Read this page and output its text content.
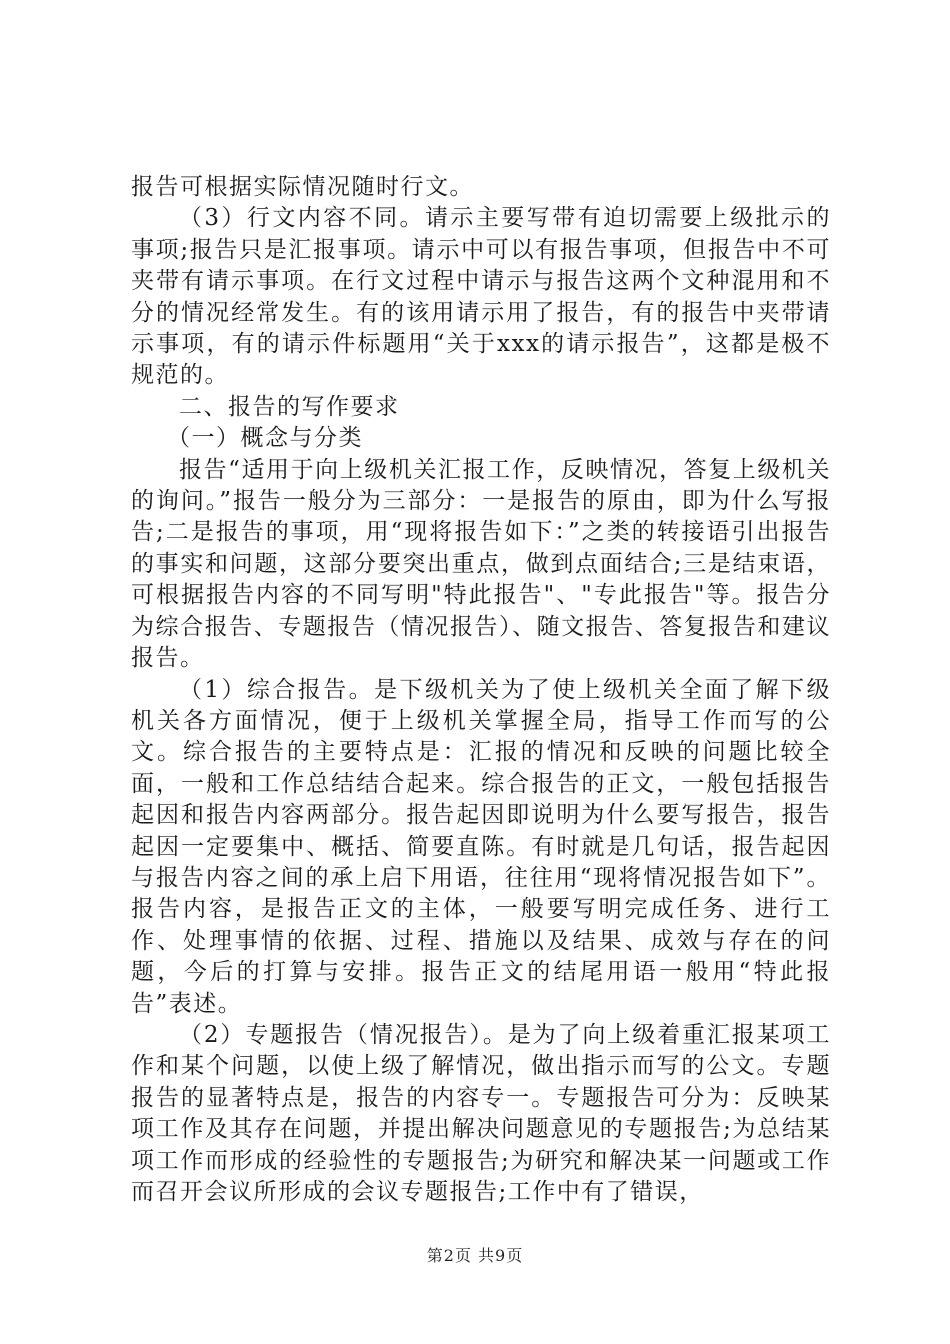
报告可根据实际情况随时行文。

（3）行文内容不同。请示主要写带有迫切需要上级批示的事项;报告只是汇报事项。请示中可以有报告事项，但报告中不可夹带有请示事项。在行文过程中请示与报告这两个文种混用和不分的情况经常发生。有的该用请示用了报告，有的报告中夹带请示事项，有的请示件标题用“关于xxx的请示报告”，这都是极不规范的。

二、报告的写作要求

（一）概念与分类

报告“适用于向上级机关汇报工作，反映情况，答复上级机关的询问。”报告一般分为三部分：一是报告的原由，即为什么写报告;二是报告的事项，用“现将报告如下：”之类的转接语引出报告的事实和问题，这部分要突出重点，做到点面结合;三是结束语，可根据报告内容的不同写明"特此报告"、"专此报告"等。报告分为综合报告、专题报告（情况报告）、随文报告、答复报告和建议报告。

（1）综合报告。是下级机关为了使上级机关全面了解下级机关各方面情况，便于上级机关掌握全局，指导工作而写的公文。综合报告的主要特点是：汇报的情况和反映的问题比较全面，一般和工作总结结合起来。综合报告的正文，一般包括报告起因和报告内容两部分。报告起因即说明为什么要写报告，报告起因一定要集中、概括、简要直陈。有时就是几句话，报告起因与报告内容之间的承上启下用语，往往用“现将情况报告如下”。报告内容，是报告正文的主体，一般要写明完成任务、进行工作、处理事情的依据、过程、措施以及结果、成效与存在的问题，今后的打算与安排。报告正文的结尾用语一般用“特此报告”表述。

（2）专题报告（情况报告）。是为了向上级着重汇报某项工作和某个问题，以使上级了解情况，做出指示而写的公文。专题报告的显著特点是，报告的内容专一。专题报告可分为：反映某项工作及其存在问题，并提出解决问题意见的专题报告;为总结某项工作而形成的经验性的专题报告;为研究和解决某一问题或工作而召开会议所形成的会议专题报告;工作中有了错误，

第2页 共9页
